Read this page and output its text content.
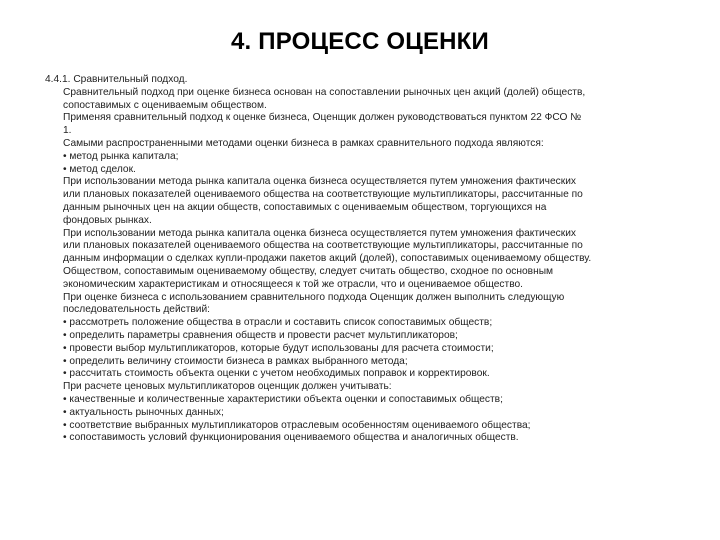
4. ПРОЦЕСС ОЦЕНКИ
4.4.1. Сравнительный подход.
Сравнительный подход при оценке бизнеса основан на сопоставлении рыночных цен акций (долей) обществ,
сопоставимых с оцениваемым обществом.
Применяя сравнительный подход к оценке бизнеса, Оценщик должен руководствоваться пунктом 22 ФСО №
1.
Самыми распространенными методами оценки бизнеса в рамках сравнительного подхода являются:
• метод рынка капитала;
• метод сделок.
При использовании метода рынка капитала оценка бизнеса осуществляется путем умножения фактических
или плановых показателей оцениваемого общества на соответствующие мультипликаторы, рассчитанные по
данным рыночных цен на акции обществ, сопоставимых с оцениваемым обществом, торгующихся на
фондовых рынках.
При использовании метода рынка капитала оценка бизнеса осуществляется путем умножения фактических
или плановых показателей оцениваемого общества на соответствующие мультипликаторы, рассчитанные по
данным информации о сделках купли-продажи пакетов акций (долей), сопоставимых оцениваемому обществу.
Обществом, сопоставимым оцениваемому обществу, следует считать общество, сходное по основным
экономическим характеристикам и относящееся к той же отрасли, что и оцениваемое общество.
При оценке бизнеса с использованием сравнительного подхода Оценщик должен выполнить следующую
последовательность действий:
• рассмотреть положение общества в отрасли и составить список сопоставимых обществ;
• определить параметры сравнения обществ и провести расчет мультипликаторов;
• провести выбор мультипликаторов, которые будут использованы для расчета стоимости;
• определить величину стоимости бизнеса в рамках выбранного метода;
• рассчитать стоимость объекта оценки с учетом необходимых поправок и корректировок.
При расчете ценовых мультипликаторов оценщик должен учитывать:
• качественные и количественные характеристики объекта оценки и сопоставимых обществ;
• актуальность рыночных данных;
• соответствие выбранных мультипликаторов отраслевым особенностям оцениваемого общества;
• сопоставимость условий функционирования оцениваемого общества и аналогичных обществ.
